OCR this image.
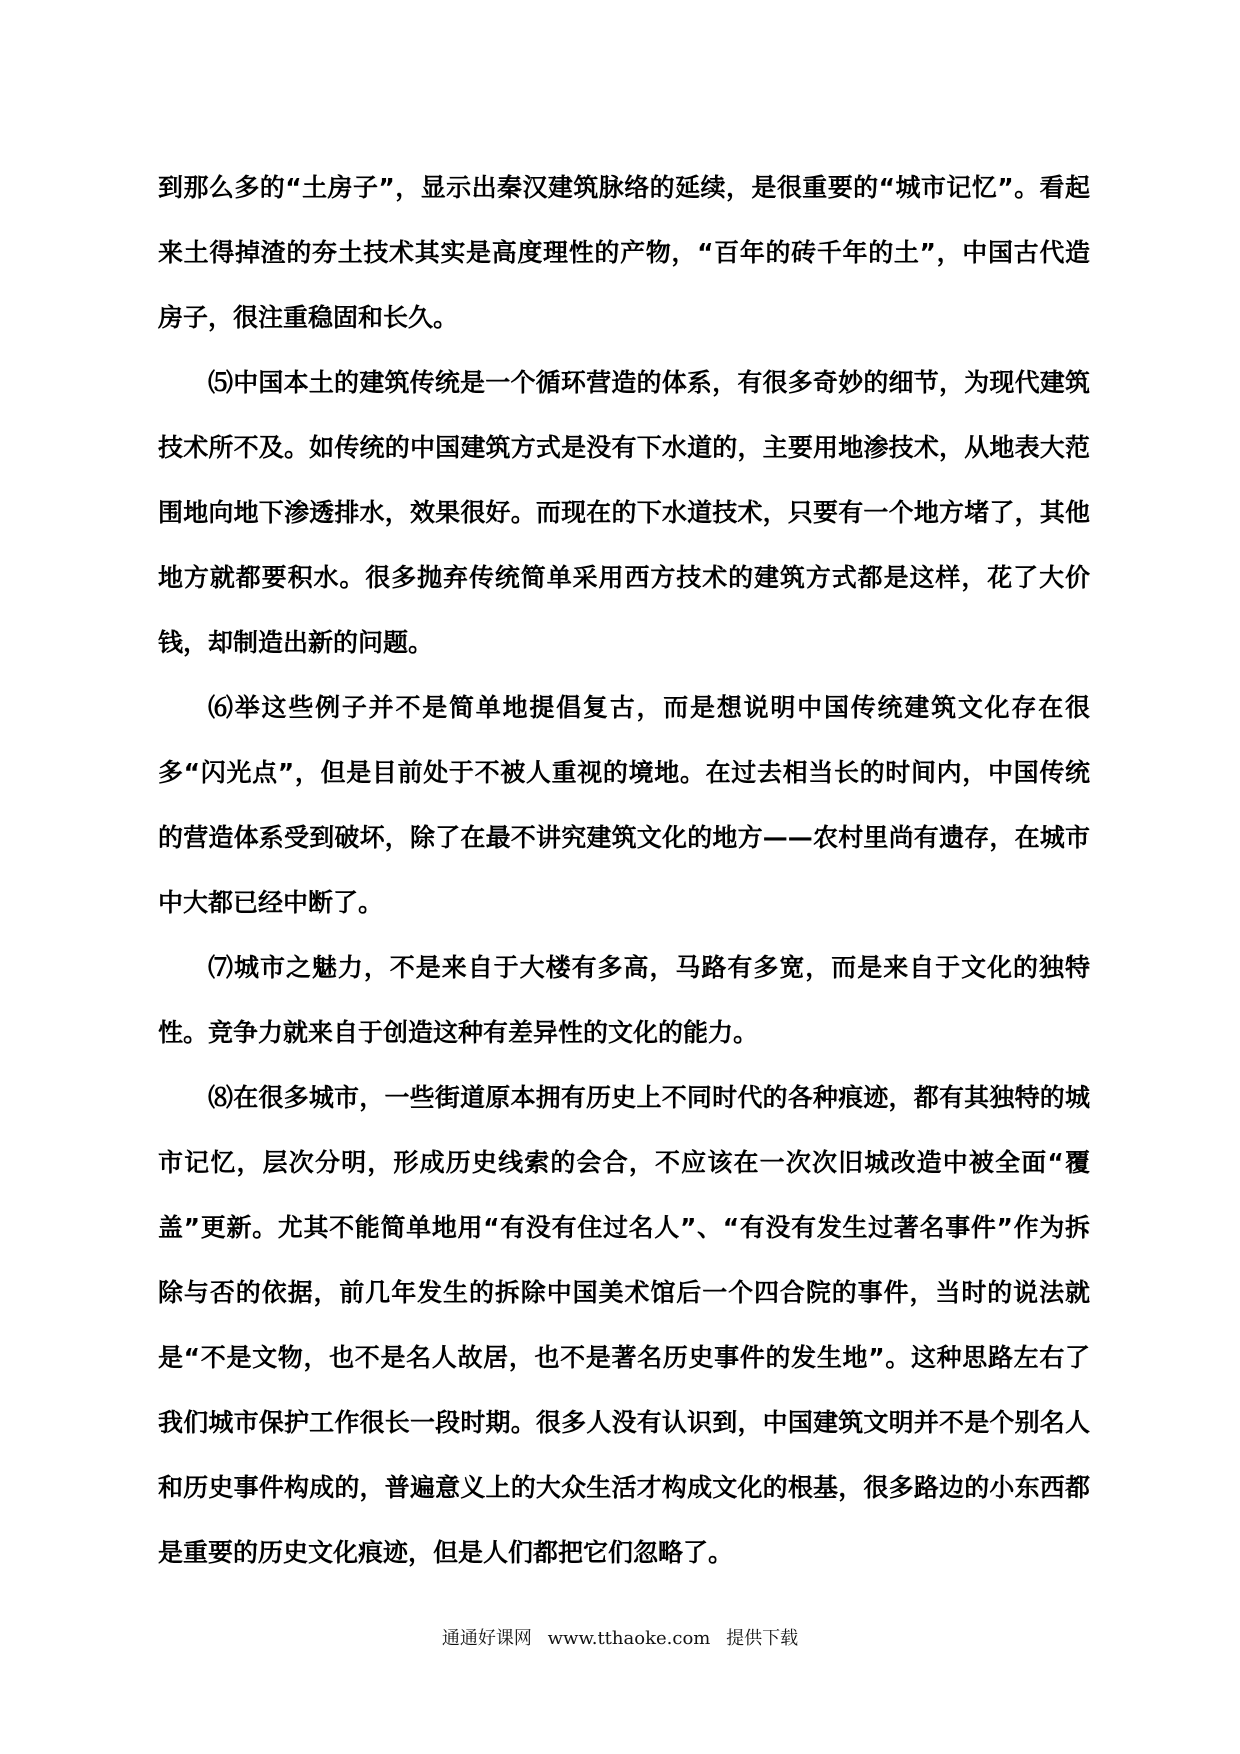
到那么多的“土房子”，显示出秦汉建筑脉络的延续，是很重要的“城市记忆”。看起来土得掉渣的夯土技术其实是高度理性的产物，“百年的砖千年的土”，中国古代造房子，很注重稳固和长久。

⑸中国本土的建筑传统是一个循环营造的体系，有很多奇妙的细节，为现代建筑技术所不及。如传统的中国建筑方式是没有下水道的，主要用地渗技术，从地表大范围地向地下渗透排水，效果很好。而现在的下水道技术，只要有一个地方堵了，其他地方就都要积水。很多抛弃传统简单采用西方技术的建筑方式都是这样，花了大价钱，却制造出新的问题。

⑹举这些例子并不是简单地提倡复古，而是想说明中国传统建筑文化存在很多“闪光点”，但是目前处于不被人重视的境地。在过去相当长的时间内，中国传统的营造体系受到破坏，除了在最不讲究建筑文化的地方——农村里尚有遗存，在城市中大都已经中断了。

⑺城市之魅力，不是来自于大楼有多高，马路有多宽，而是来自于文化的独特性。竞争力就来自于创造这种有差异性的文化的能力。

⑻在很多城市，一些街道原本拥有历史上不同时代的各种痕迹，都有其独特的城市记忆，层次分明，形成历史线索的会合，不应该在一次次旧城改造中被全面“覆盖”更新。尤其不能简单地用“有没有住过名人”、“有没有发生过著名事件”作为拆除与否的依据，前几年发生的拆除中国美术馆后一个四合院的事件，当时的说法就是“不是文物，也不是名人故居，也不是著名历史事件的发生地”。这种思路左右了我们城市保护工作很长一段时期。很多人没有认识到，中国建筑文明并不是个别名人和历史事件构成的，普遍意义上的大众生活才构成文化的根基，很多路边的小东西都是重要的历史文化痕迹，但是人们都把它们忽略了。

通通好课网 www.tthaoke.com 提供下载
